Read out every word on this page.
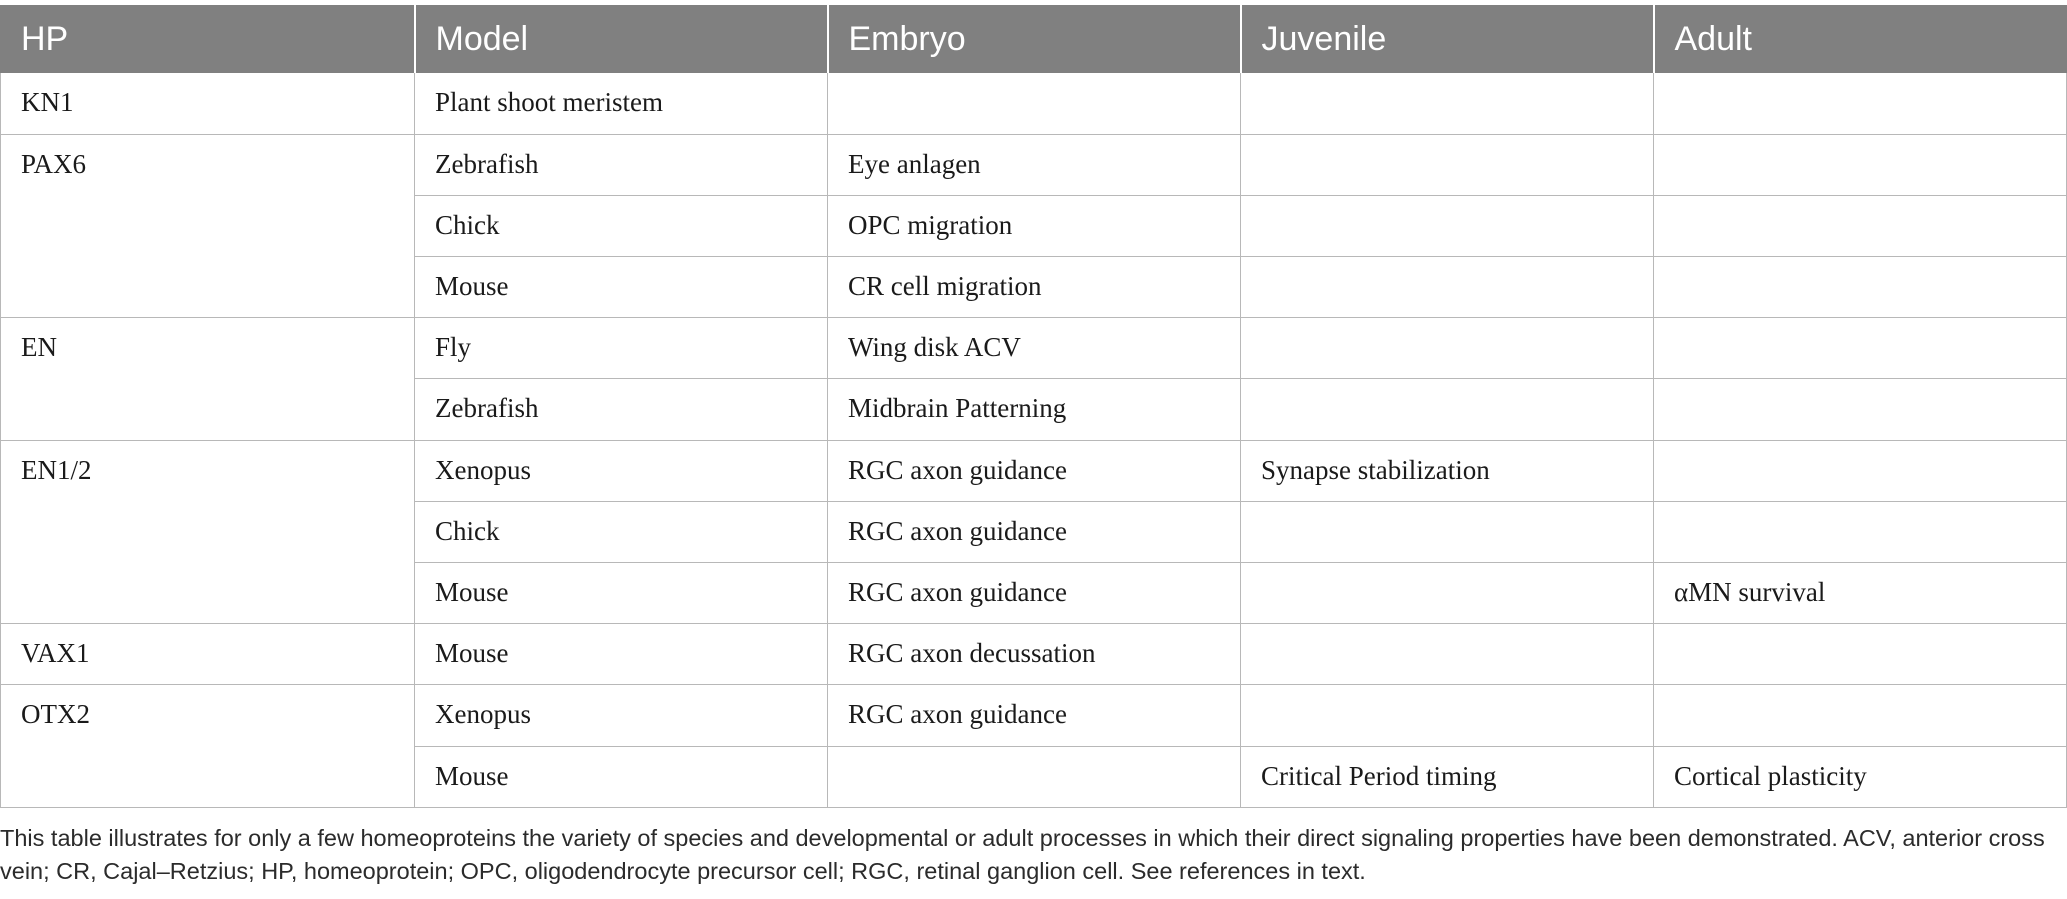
HP	Model	Embryo	Juvenile	Adult
KN1	Plant shoot meristem			
PAX6	Zebrafish	Eye anlagen		
	Chick	OPC migration		
	Mouse	CR cell migration		
EN	Fly	Wing disk ACV		
	Zebrafish	Midbrain Patterning		
EN1/2	Xenopus	RGC axon guidance	Synapse stabilization	
	Chick	RGC axon guidance		
	Mouse	RGC axon guidance		αMN survival
VAX1	Mouse	RGC axon decussation		
OTX2	Xenopus	RGC axon guidance		
	Mouse		Critical Period timing	Cortical plasticity

This table illustrates for only a few homeoproteins the variety of species and developmental or adult processes in which their direct signaling properties have been demonstrated. ACV, anterior cross vein; CR, Cajal–Retzius; HP, homeoprotein; OPC, oligodendrocyte precursor cell; RGC, retinal ganglion cell. See references in text.
